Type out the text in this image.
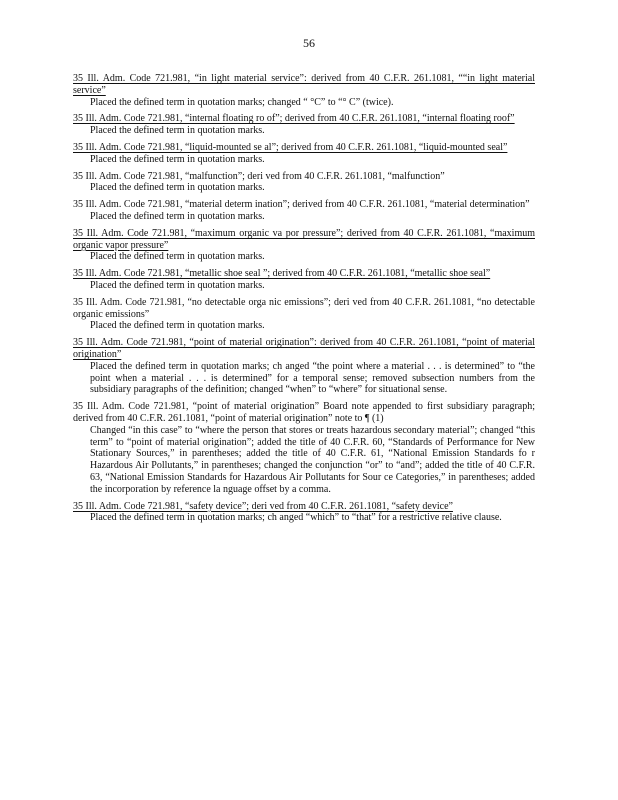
56
35 Ill. Adm. Code 721.981, “in light material service”: derived from 40 C.F.R. 261.1081, ““in light material service”
Placed the defined term in quotation marks; changed “ °C” to “° C” (twice).
35 Ill. Adm. Code 721.981, “internal floating ro of”; derived from 40 C.F.R. 261.1081, “internal floating roof”
Placed the defined term in quotation marks.
35 Ill. Adm. Code 721.981, “liquid-mounted se al”; derived from 40 C.F.R. 261.1081, “liquid-mounted seal”
Placed the defined term in quotation marks.
35 Ill. Adm. Code 721.981, “malfunction”; deri ved from 40 C.F.R. 261.1081, “malfunction”
Placed the defined term in quotation marks.
35 Ill. Adm. Code 721.981, “material determ ination”; derived from 40 C.F.R. 261.1081, “material determination”
Placed the defined term in quotation marks.
35 Ill. Adm. Code 721.981, “maximum organic va por pressure”; derived from 40 C.F.R. 261.1081, “maximum organic vapor pressure”
Placed the defined term in quotation marks.
35 Ill. Adm. Code 721.981, “metallic shoe seal ”; derived from 40 C.F.R. 261.1081, “metallic shoe seal”
Placed the defined term in quotation marks.
35 Ill. Adm. Code 721.981, “no detectable orga nic emissions”; deri ved from 40 C.F.R. 261.1081, “no detectable organic emissions”
Placed the defined term in quotation marks.
35 Ill. Adm. Code 721.981, “point of material origination”: derived from 40 C.F.R. 261.1081, “point of material origination”
Placed the defined term in quotation marks; ch anged “the point where a material . . . is determined” to “the point when a material . . . is determined” for a temporal sense; removed subsection numbers from the subsidiary paragraphs of the definition; changed “when” to “where” for situational sense.
35 Ill. Adm. Code 721.981, “point of material origination” Board note appended to first subsidiary paragraph; derived from 40 C.F.R. 261.1081, “point of material origination” note to ¶ (1)
Changed “in this case” to “where the person that stores or treats hazardous secondary material”; changed “this term” to “point of material origination”; added the title of 40 C.F.R. 60, “Standards of Performance for New Stationary Sources,” in parentheses; added the title of 40 C.F.R. 61, “National Emission Standards fo r Hazardous Air Pollutants,” in parentheses; changed the conjunction “or” to “and”; added the title of 40 C.F.R. 63, “National Emission Standards for Hazardous Air Pollutants for Sour ce Categories,” in parentheses; added the incorporation by reference la nguage offset by a comma.
35 Ill. Adm. Code 721.981, “safety device”; deri ved from 40 C.F.R. 261.1081, “safety device”
Placed the defined term in quotation marks; ch anged “which” to “that” for a restrictive relative clause.
